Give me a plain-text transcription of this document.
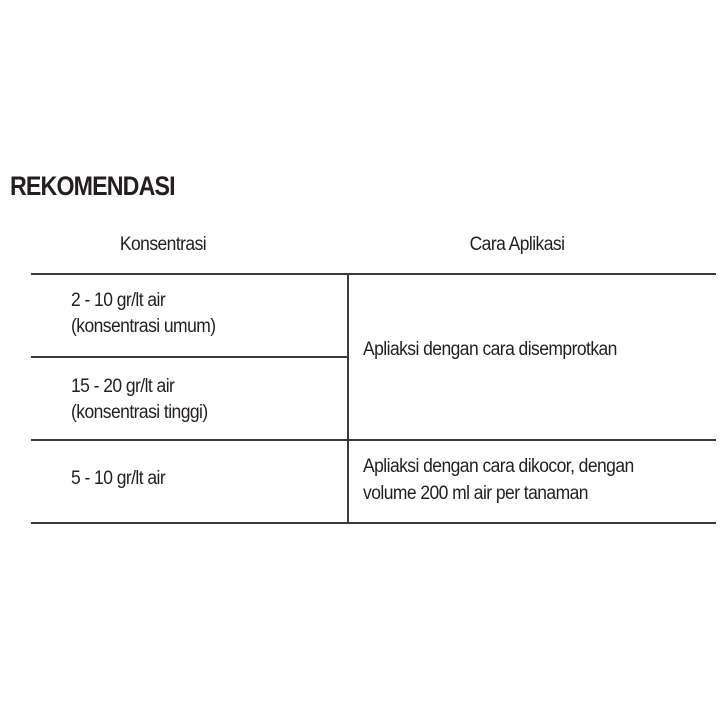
REKOMENDASI
Konsentrasi	Cara Aplikasi
2 - 10 gr/lt air
(konsentrasi umum)
15 - 20 gr/lt air
(konsentrasi tinggi)
5 - 10 gr/lt air
Apliaksi dengan cara disemprotkan
Apliaksi dengan cara dikocor, dengan
volume 200 ml air per tanaman
